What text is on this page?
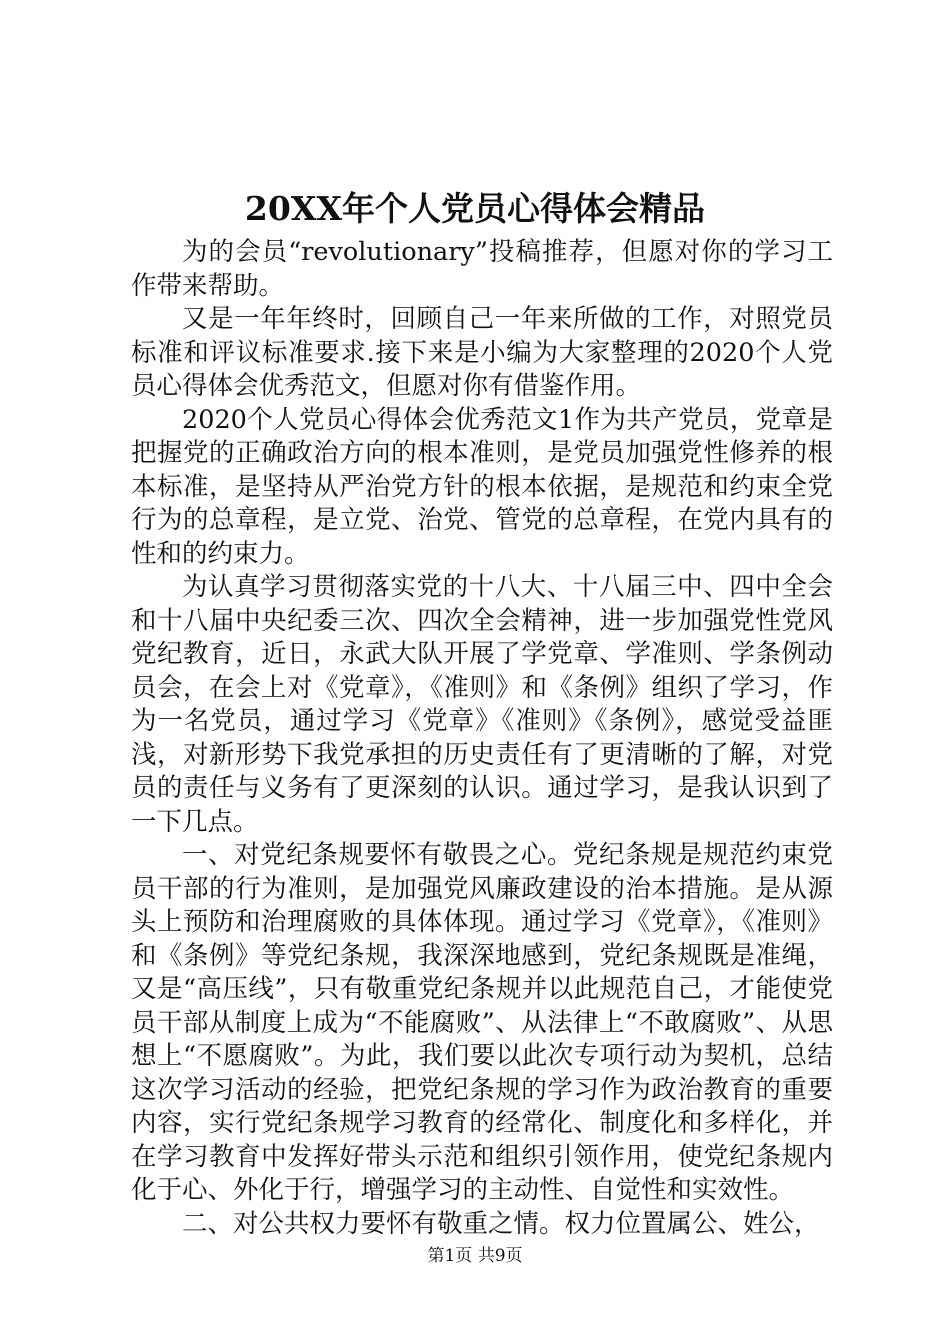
20XX年个人党员心得体会精品

为的会员“revolutionary”投稿推荐，但愿对你的学习工作带来帮助。

又是一年年终时，回顾自己一年来所做的工作，对照党员标准和评议标准要求.接下来是小编为大家整理的2020个人党员心得体会优秀范文，但愿对你有借鉴作用。

2020个人党员心得体会优秀范文1作为共产党员，党章是把握党的正确政治方向的根本准则，是党员加强党性修养的根本标准，是坚持从严治党方针的根本依据，是规范和约束全党行为的总章程，是立党、治党、管党的总章程，在党内具有的性和的约束力。

为认真学习贯彻落实党的十八大、十八届三中、四中全会和十八届中央纪委三次、四次全会精神，进一步加强党性党风党纪教育，近日，永武大队开展了学党章、学准则、学条例动员会，在会上对《党章》，《准则》和《条例》组织了学习，作为一名党员，通过学习《党章》《准则》《条例》，感觉受益匪浅，对新形势下我党承担的历史责任有了更清晰的了解，对党员的责任与义务有了更深刻的认识。通过学习，是我认识到了一下几点。

一、对党纪条规要怀有敬畏之心。党纪条规是规范约束党员干部的行为准则，是加强党风廉政建设的治本措施。是从源头上预防和治理腐败的具体体现。通过学习《党章》，《准则》和《条例》等党纪条规，我深深地感到，党纪条规既是准绳，又是“高压线”，只有敬重党纪条规并以此规范自己，才能使党员干部从制度上成为“不能腐败”、从法律上“不敢腐败”、从思想上“不愿腐败”。为此，我们要以此次专项行动为契机，总结这次学习活动的经验，把党纪条规的学习作为政治教育的重要内容，实行党纪条规学习教育的经常化、制度化和多样化，并在学习教育中发挥好带头示范和组织引领作用，使党纪条规内化于心、外化于行，增强学习的主动性、自觉性和实效性。

二、对公共权力要怀有敬重之情。权力位置属公、姓公，

第1页 共9页
